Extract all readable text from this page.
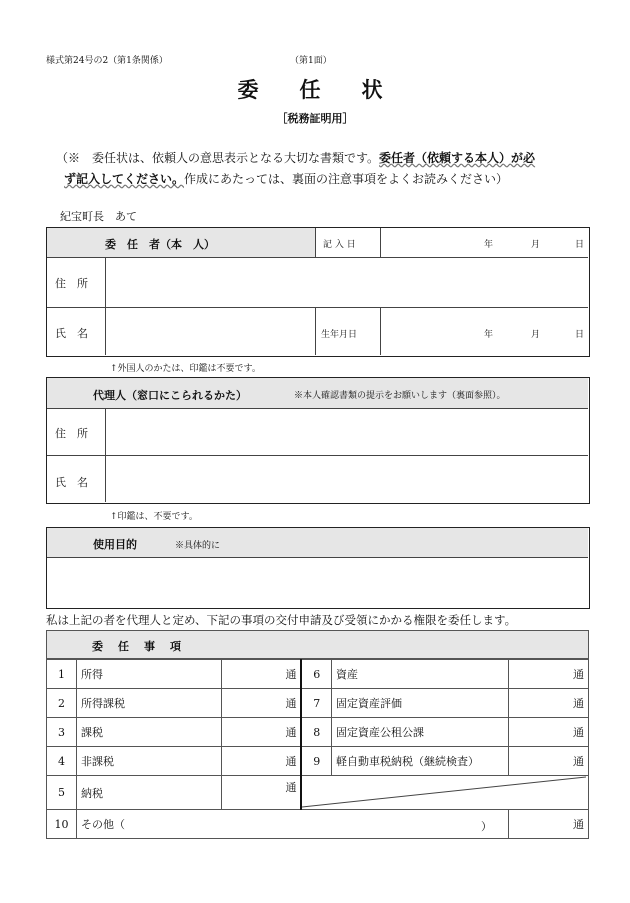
様式第24号の2（第1条関係）	（第1面）
委　任　状
［税務証明用］
（※　委任状は、依頼人の意思表示となる大切な書類です。委任者（依頼する本人）が必
ず記入してください。作成にあたっては、裏面の注意事項をよくお読みください）
紀宝町長　あて
委　任　者（本　人）	記 入 日	年	月	日
住　所
氏　名	生年月日	年	月	日
↑外国人のかたは、印鑑は不要です。
代理人（窓口にこられるかた）	※本人確認書類の提示をお願いします（裏面参照）。
住　所
氏　名
↑印鑑は、不要です。
使用目的	※具体的に
私は上記の者を代理人と定め、下記の事項の交付申請及び受領にかかる権限を委任します。
委　任　事　項
1	所得	通	6	資産	通
2	所得課税	通	7	固定資産評価	通
3	課税	通	8	固定資産公租公課	通
4	非課税	通	9	軽自動車税納税（継続検査）	通
5	納税	通	

10	その他（ ）				通
